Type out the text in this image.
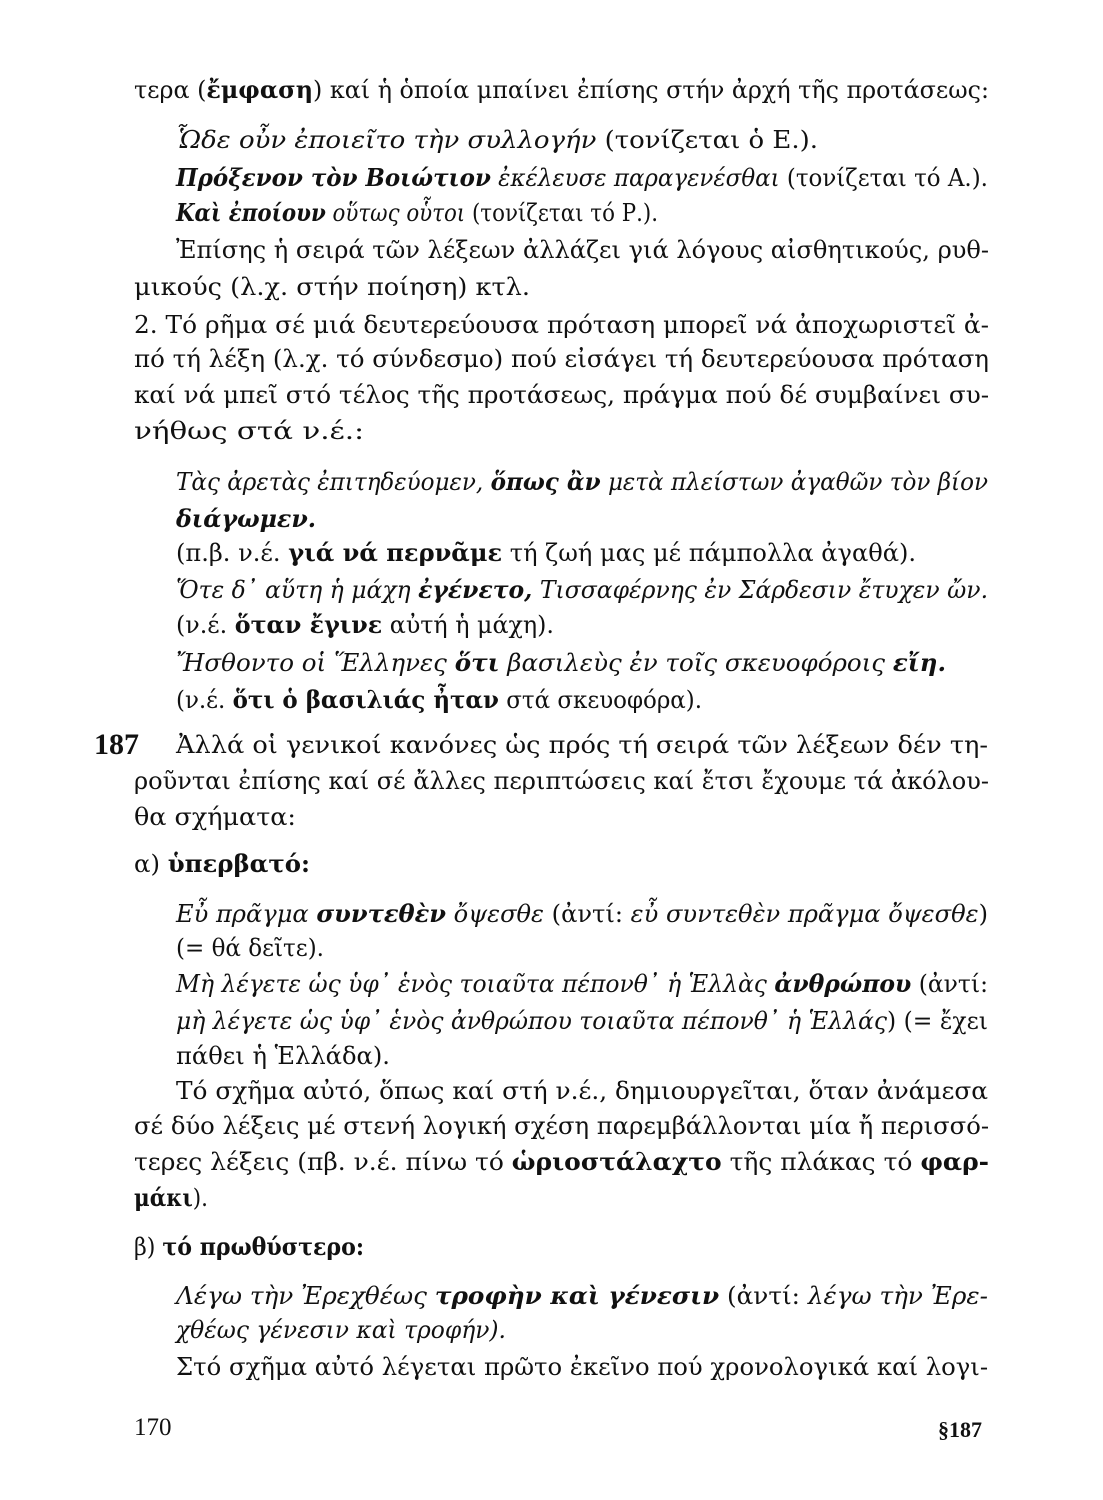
187
170	§187
τερα (ἔμφαση) καί ἡ ὁποία μπαίνει ἐπίσης στήν ἀρχή τῆς προτάσεως:
Ὧδε οὖν ἐποιεῖτο τὴν συλλογήν (τονίζεται ὁ Ε.).
Πρόξενον τὸν Βοιώτιον ἐκέλευσε παραγενέσθαι (τονίζεται τό Α.).
Καὶ ἐποίουν οὕτως οὗτοι (τονίζεται τό Ρ.).
Ἐπίσης ἡ σειρά τῶν λέξεων ἀλλάζει γιά λόγους αἰσθητικούς, ρυθ-
μικούς (λ.χ. στήν ποίηση) κτλ.
2. Τό ρῆμα σέ μιά δευτερεύουσα πρόταση μπορεῖ νά ἀποχωριστεῖ ἀ-
πό τή λέξη (λ.χ. τό σύνδεσμο) πού εἰσάγει τή δευτερεύουσα πρόταση
καί νά μπεῖ στό τέλος τῆς προτάσεως, πράγμα πού δέ συμβαίνει συ-
νήθως στά ν.έ.:
Τὰς ἀρετὰς ἐπιτηδεύομεν, ὅπως ἂν μετὰ πλείστων ἀγαθῶν τὸν βίον
διάγωμεν.
(π.β. ν.έ. γιά νά περνᾶμε τή ζωή μας μέ πάμπολλα ἀγαθά).
Ὅτε δ᾽ αὕτη ἡ μάχη ἐγένετο, Τισσαφέρνης ἐν Σάρδεσιν ἔτυχεν ὤν.
(ν.έ. ὅταν ἔγινε αὐτή ἡ μάχη).
Ἤσθοντο οἱ Ἕλληνες ὅτι βασιλεὺς ἐν τοῖς σκευοφόροις εἴη.
(ν.έ. ὅτι ὁ βασιλιάς ἦταν στά σκευοφόρα).
Ἀλλά οἱ γενικοί κανόνες ὡς πρός τή σειρά τῶν λέξεων δέν τη-
ροῦνται ἐπίσης καί σέ ἄλλες περιπτώσεις καί ἔτσι ἔχουμε τά ἀκόλου-
θα σχήματα:
α) ὑπερβατό:
Εὖ πρᾶγμα συντεθὲν ὄψεσθε (ἀντί: εὖ συντεθὲν πρᾶγμα ὄψεσθε)
(= θά δεῖτε).
Μὴ λέγετε ὡς ὑφ᾽ ἑνὸς τοιαῦτα πέπονθ᾽ ἡ Ἑλλὰς ἀνθρώπου (ἀντί:
μὴ λέγετε ὡς ὑφ᾽ ἑνὸς ἀνθρώπου τοιαῦτα πέπονθ᾽ ἡ Ἑλλάς) (= ἔχει
πάθει ἡ Ἑλλάδα).
Τό σχῆμα αὐτό, ὅπως καί στή ν.έ., δημιουργεῖται, ὅταν ἀνάμεσα
σέ δύο λέξεις μέ στενή λογική σχέση παρεμβάλλονται μία ἤ περισσό-
τερες λέξεις (πβ. ν.έ. πίνω τό ὡριοστάλαχτο τῆς πλάκας τό φαρ-
μάκι).
β) τό πρωθύστερο:
Λέγω τὴν Ἐρεχθέως τροφὴν καὶ γένεσιν (ἀντί: λέγω τὴν Ἐρε-
χθέως γένεσιν καὶ τροφήν).
Στό σχῆμα αὐτό λέγεται πρῶτο ἐκεῖνο πού χρονολογικά καί λογι-
